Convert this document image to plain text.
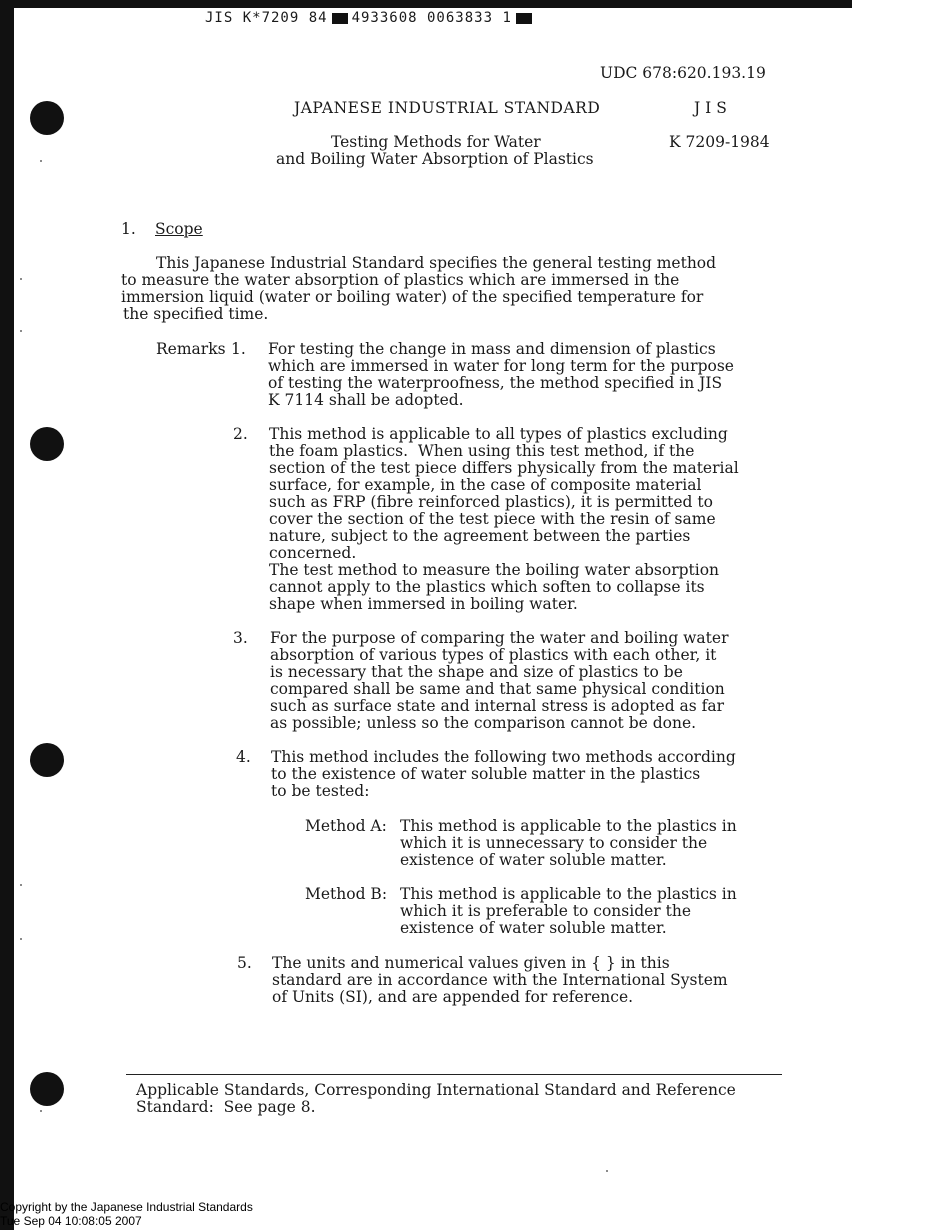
JIS K*7209 84 4933608 0063833 1
UDC 678:620.193.19
JAPANESE INDUSTRIAL STANDARD	J I S
Testing Methods for Water	K 7209-1984
and Boiling Water Absorption of Plastics
1. Scope
This Japanese Industrial Standard specifies the general testing method
to measure the water absorption of plastics which are immersed in the
immersion liquid (water or boiling water) of the specified temperature for
the specified time.
Remarks 1. For testing the change in mass and dimension of plastics
which are immersed in water for long term for the purpose
of testing the waterproofness, the method specified in JIS
K 7114 shall be adopted.
2. This method is applicable to all types of plastics excluding
the foam plastics.  When using this test method, if the
section of the test piece differs physically from the material
surface, for example, in the case of composite material
such as FRP (fibre reinforced plastics), it is permitted to
cover the section of the test piece with the resin of same
nature, subject to the agreement between the parties
concerned.
The test method to measure the boiling water absorption
cannot apply to the plastics which soften to collapse its
shape when immersed in boiling water.
3. For the purpose of comparing the water and boiling water
absorption of various types of plastics with each other, it
is necessary that the shape and size of plastics to be
compared shall be same and that same physical condition
such as surface state and internal stress is adopted as far
as possible; unless so the comparison cannot be done.
4. This method includes the following two methods according
to the existence of water soluble matter in the plastics
to be tested:
Method A: This method is applicable to the plastics in
which it is unnecessary to consider the
existence of water soluble matter.
Method B: This method is applicable to the plastics in
which it is preferable to consider the
existence of water soluble matter.
5. The units and numerical values given in { } in this
standard are in accordance with the International System
of Units (SI), and are appended for reference.
Applicable Standards, Corresponding International Standard and Reference
Standard:  See page 8.
Copyright by the Japanese Industrial Standards
Tue Sep 04 10:08:05 2007
